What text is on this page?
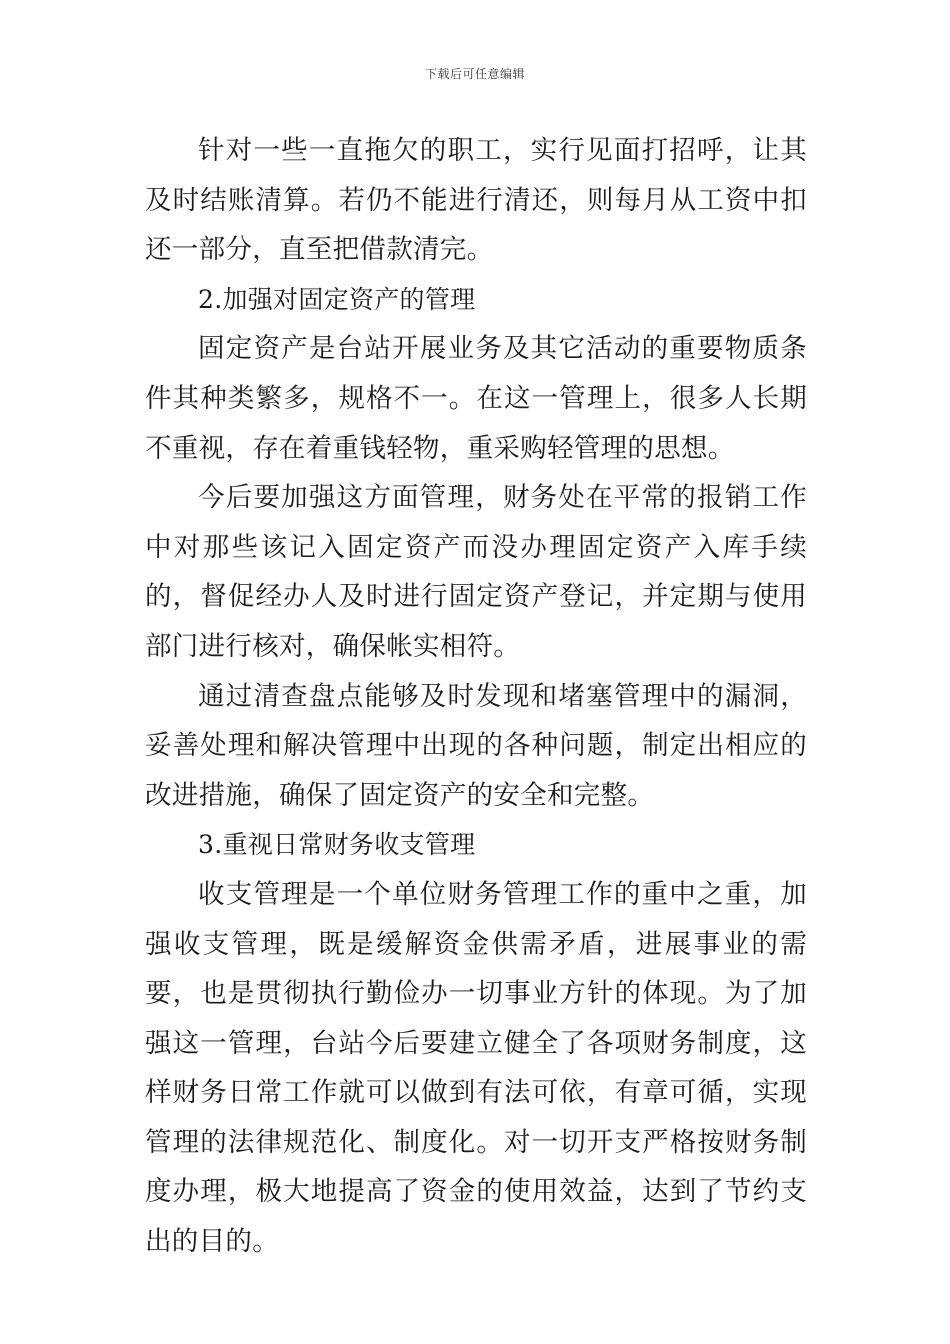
下载后可任意编辑

针对一些一直拖欠的职工，实行见面打招呼，让其及时结账清算。若仍不能进行清还，则每月从工资中扣还一部分，直至把借款清完。

2.加强对固定资产的管理

固定资产是台站开展业务及其它活动的重要物质条件其种类繁多，规格不一。在这一管理上，很多人长期不重视，存在着重钱轻物，重采购轻管理的思想。

今后要加强这方面管理，财务处在平常的报销工作中对那些该记入固定资产而没办理固定资产入库手续的，督促经办人及时进行固定资产登记，并定期与使用部门进行核对，确保帐实相符。

通过清查盘点能够及时发现和堵塞管理中的漏洞，妥善处理和解决管理中出现的各种问题，制定出相应的改进措施，确保了固定资产的安全和完整。

3.重视日常财务收支管理

收支管理是一个单位财务管理工作的重中之重，加强收支管理，既是缓解资金供需矛盾，进展事业的需要，也是贯彻执行勤俭办一切事业方针的体现。为了加强这一管理，台站今后要建立健全了各项财务制度，这样财务日常工作就可以做到有法可依，有章可循，实现管理的法律规范化、制度化。对一切开支严格按财务制度办理，极大地提高了资金的使用效益，达到了节约支出的目的。
